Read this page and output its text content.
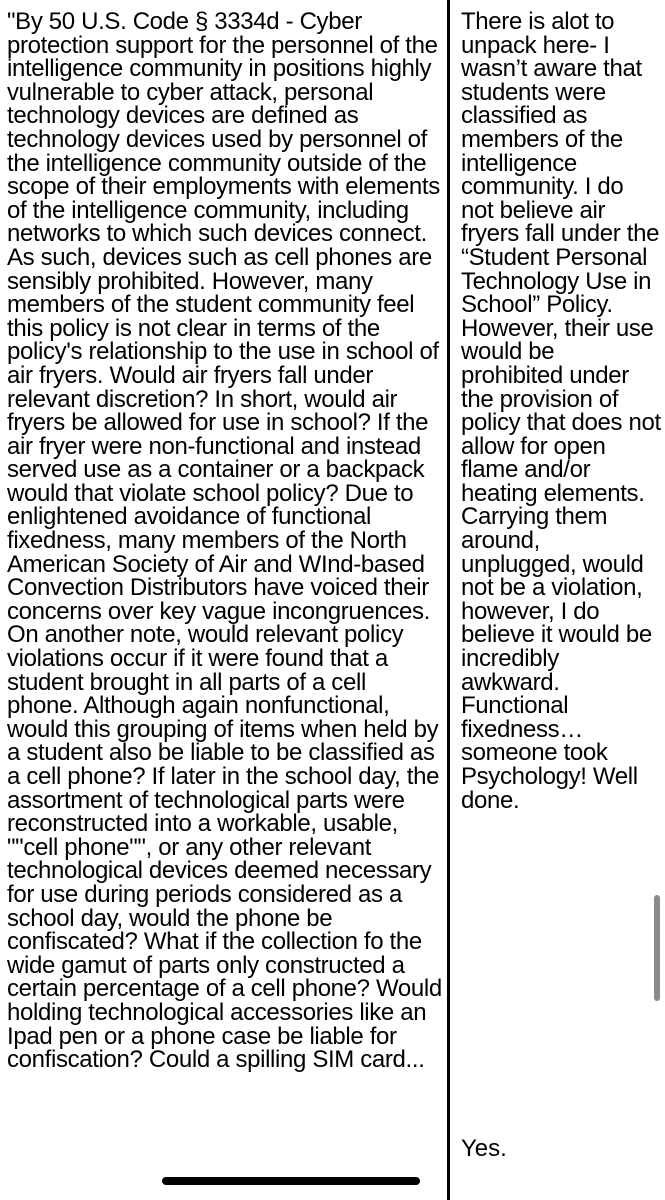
"By 50 U.S. Code § 3334d - Cyber protection support for the personnel of the intelligence community in positions highly vulnerable to cyber attack, personal technology devices are defined as technology devices used by personnel of the intelligence community outside of the scope of their employments with elements of the intelligence community, including networks to which such devices connect. As such, devices such as cell phones are sensibly prohibited. However, many members of the student community feel this policy is not clear in terms of the policy's relationship to the use in school of air fryers. Would air fryers fall under relevant discretion? In short, would air fryers be allowed for use in school? If the air fryer were non-functional and instead served use as a container or a backpack would that violate school policy? Due to enlightened avoidance of functional fixedness, many members of the North American Society of Air and WInd-based Convection Distributors have voiced their concerns over key vague incongruences. On another note, would relevant policy violations occur if it were found that a student brought in all parts of a cell phone. Although again nonfunctional, would this grouping of items when held by a student also be liable to be classified as a cell phone? If later in the school day, the assortment of technological parts were reconstructed into a workable, usable, ""cell phone"", or any other relevant technological devices deemed necessary for use during periods considered as a school day, would the phone be confiscated? What if the collection fo the wide gamut of parts only constructed a certain percentage of a cell phone? Would holding technological accessories like an Ipad pen or a phone case be liable for confiscation? Could a spilling SIM card...

There is alot to unpack here- I wasn’t aware that students were classified as members of the intelligence community. I do not believe air fryers fall under the “Student Personal Technology Use in School” Policy. However, their use would be prohibited under the provision of policy that does not allow for open flame and/or heating elements. Carrying them around, unplugged, would not be a violation, however, I do believe it would be incredibly awkward. Functional fixedness… someone took Psychology! Well done.

Yes.
